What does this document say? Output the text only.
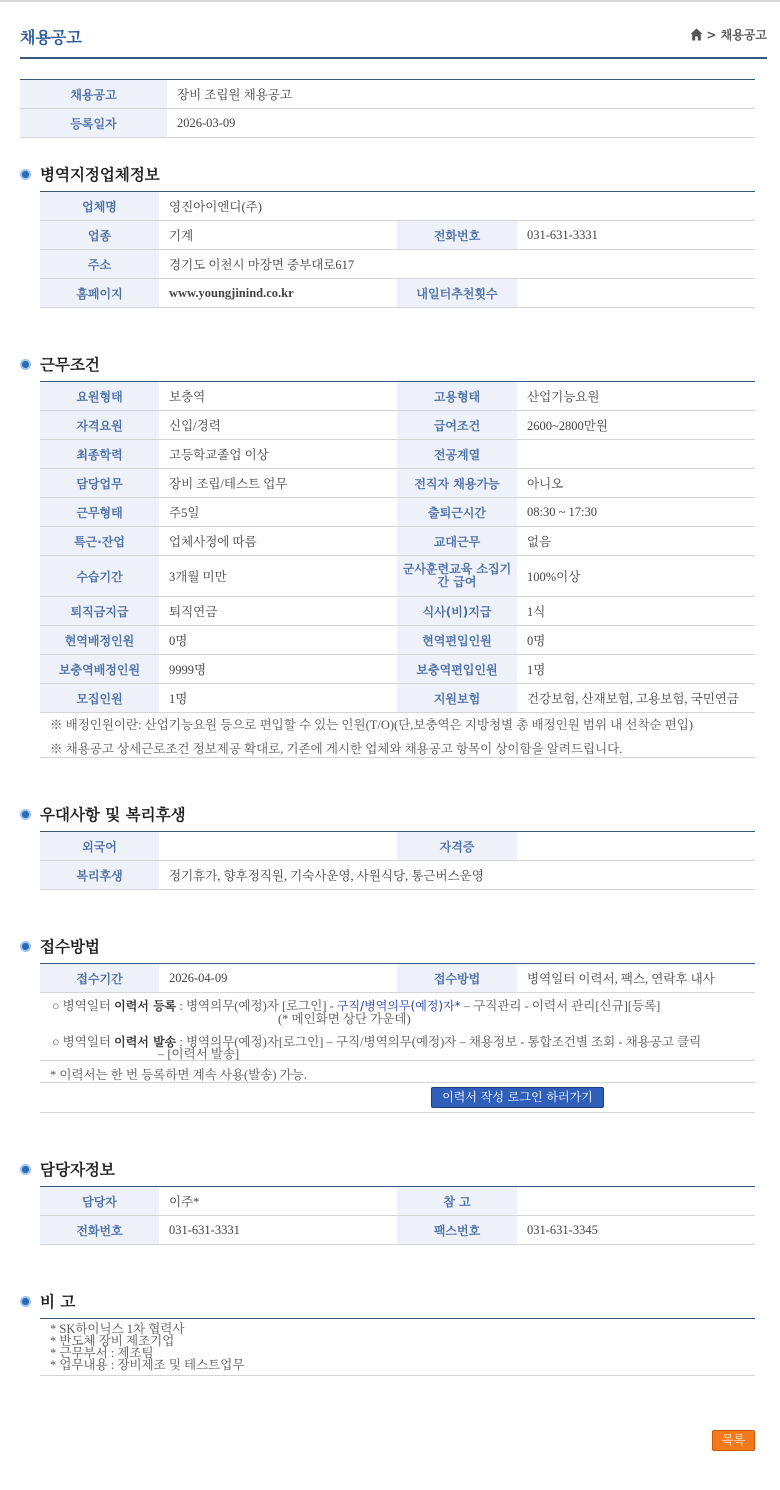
채용공고	> 채용공고
채용공고	장비 조립원 채용공고
등록일자	2026-03-09
병역지정업체정보
업체명	영진아이엔디(주)		
업종	기계	전화번호	031-631-3331
주소	경기도 이천시 마장면 중부대로617		
홈페이지	www.youngjinind.co.kr	내일터추천횟수	
근무조건
요원형태	보충역	고용형태	산업기능요원
자격요원	신입/경력	급여조건	2600~2800만원
최종학력	고등학교졸업 이상	전공계열	
담당업무	장비 조립/테스트 업무	전직자 채용가능	아니오
근무형태	주5일	출퇴근시간	08:30 ~ 17:30
특근·잔업	업체사정에 따름	교대근무	없음
수습기간	3개월 미만	군사훈련교육 소집기간 급여	100%이상
퇴직금지급	퇴직연금	식사(비)지급	1식
현역배정인원	0명	현역편입인원	0명
보충역배정인원	9999명	보충역편입인원	1명
모집인원	1명	지원보험	건강보험, 산재보험, 고용보험, 국민연금
※ 배정인원이란: 산업기능요원 등으로 편입할 수 있는 인원(T/O)(단,보충역은 지방청별 총 배정인원 범위 내 선착순 편입)
※ 채용공고 상세근로조건 정보제공 확대로, 기존에 게시한 업체와 채용공고 항목이 상이함을 알려드립니다.
우대사항 및 복리후생
외국어		자격증	
복리후생	정기휴가, 향후정직원, 기숙사운영, 사원식당, 통근버스운영		
접수방법
접수기간	2026-04-09	접수방법	병역일터 이력서, 팩스, 연락후 내사
○ 병역일터 이력서 등록 : 병역의무(예정)자 [로그인] - 구직/병역의무(예정)자* – 구직관리 - 이력서 관리[신규][등록]
(* 메인화면 상단 가운데)
○ 병역일터 이력서 발송 : 병역의무(예정)자[로그인] – 구직/병역의무(예정)자 – 채용정보 - 통합조건별 조회 - 채용공고 클릭
– [이력서 발송]
* 이력서는 한 번 등록하면 계속 사용(발송) 가능.
이력서 작성 로그인 하러가기
담당자정보
담당자	이주*	참 고	
전화번호	031-631-3331	팩스번호	031-631-3345
비 고
* SK하이닉스 1차 협력사
* 반도체 장비 제조기업
* 근무부서 : 제조팀
* 업무내용 : 장비제조 및 테스트업무
목록
